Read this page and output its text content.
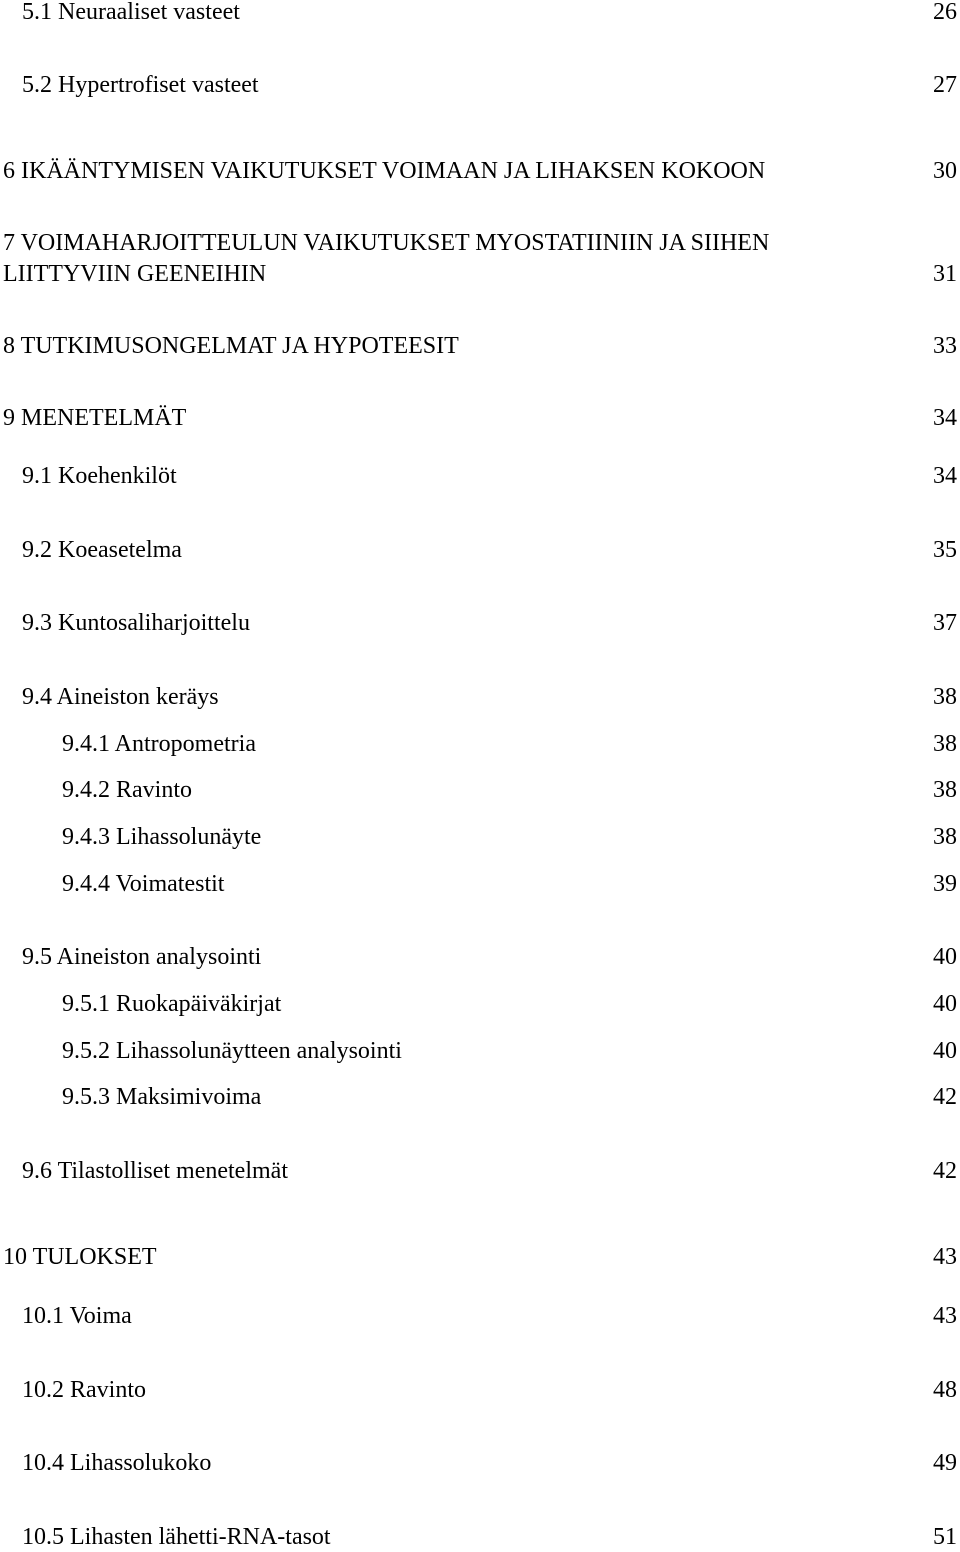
5.1 Neuraaliset vasteet	26
5.2 Hypertrofiset vasteet	27
6 IKÄÄNTYMISEN VAIKUTUKSET VOIMAAN JA LIHAKSEN KOKOON	30
7 VOIMAHARJOITTEULUN VAIKUTUKSET MYOSTATIINIIN JA SIIHEN
LIITTYVIIN GEENEIHIN	31
8 TUTKIMUSONGELMAT JA HYPOTEESIT	33
9 MENETELMÄT	34
9.1 Koehenkilöt	34
9.2 Koeasetelma	35
9.3 Kuntosaliharjoittelu	37
9.4 Aineiston keräys	38
9.4.1 Antropometria	38
9.4.2 Ravinto	38
9.4.3 Lihassolunäyte	38
9.4.4 Voimatestit	39
9.5 Aineiston analysointi	40
9.5.1 Ruokapäiväkirjat	40
9.5.2 Lihassolunäytteen analysointi	40
9.5.3 Maksimivoima	42
9.6 Tilastolliset menetelmät	42
10 TULOKSET	43
10.1 Voima	43
10.2 Ravinto	48
10.4 Lihassolukoko	49
10.5 Lihasten lähetti-RNA-tasot	51
